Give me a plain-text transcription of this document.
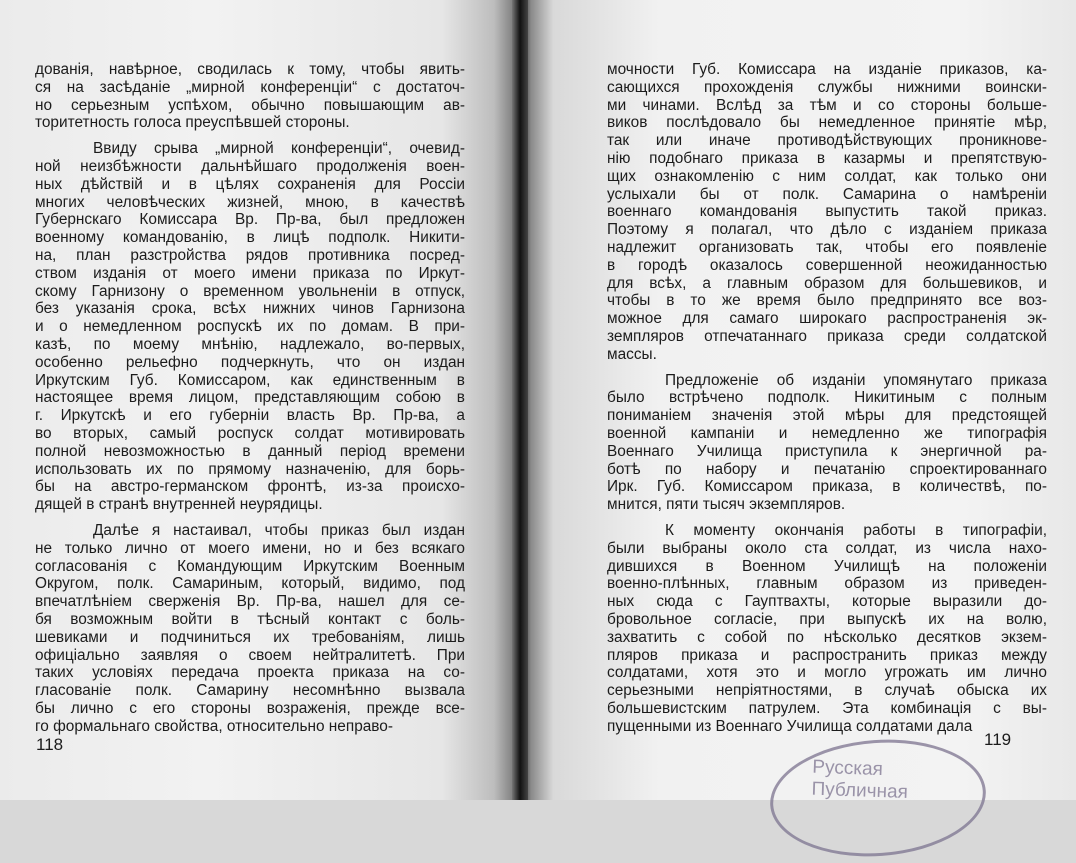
дованія, навѣрное, сводилась к тому, чтобы явить-
ся на засѣданіе „мирной конференціи“ с достаточ-
но серьезным успѣхом, обычно повышающим ав-
торитетность голоса преуспѣвшей стороны.
Ввиду срыва „мирной конференціи“, очевид-
ной неизбѣжности дальнѣйшаго продолженія воен-
ных дѣйствій и в цѣлях сохраненія для Россіи
многих человѣческих жизней, мною, в качествѣ
Губернскаго Комиссара Вр. Пр-ва, был предложен
военному командованію, в лицѣ подполк. Никити-
на, план разстройства рядов противника посред-
ством изданія от моего имени приказа по Иркут-
скому Гарнизону о временном увольненіи в отпуск,
без указанія срока, всѣх нижних чинов Гарнизона
и о немедленном роспускѣ их по домам. В при-
казѣ, по моему мнѣнію, надлежало, во-первых,
особенно рельефно подчеркнуть, что он издан
Иркутским Губ. Комиссаром, как единственным в
настоящее время лицом, представляющим собою в
г. Иркутскѣ и его губерніи власть Вр. Пр-ва, а
во вторых, самый роспуск солдат мотивировать
полной невозможностью в данный період времени
использовать их по прямому назначенію, для борь-
бы на австро-германском фронтѣ, из-за происхо-
дящей в странѣ внутренней неурядицы.
Далѣе я настаивал, чтобы приказ был издан
не только лично от моего имени, но и без всякаго
согласованія с Командующим Иркутским Военным
Округом, полк. Самариным, который, видимо, под
впечатлѣніем сверженія Вр. Пр-ва, нашел для се-
бя возможным войти в тѣсный контакт с боль-
шевиками и подчиниться их требованіям, лишь
офиціально заявляя о своем нейтралитетѣ. При
таких условіях передача проекта приказа на со-
гласованіе полк. Самарину несомнѣнно вызвала
бы лично с его стороны возраженія, прежде все-
го формальнаго свойства, относительно неправо-
118
мочности Губ. Комиссара на изданіе приказов, ка-
сающихся прохожденія службы нижними воински-
ми чинами. Вслѣд за тѣм и со стороны больше-
виков послѣдовало бы немедленное принятіе мѣр,
так или иначе противодѣйствующих проникнове-
нію подобнаго приказа в казармы и препятствую-
щих ознакомленію с ним солдат, как только они
услыхали бы от полк. Самарина о намѣреніи
военнаго командованія выпустить такой приказ.
Поэтому я полагал, что дѣло с изданіем приказа
надлежит организовать так, чтобы его появленіе
в городѣ оказалось совершенной неожиданностью
для всѣх, а главным образом для большевиков, и
чтобы в то же время было предпринято все воз-
можное для самаго широкаго распространенія эк-
земпляров отпечатаннаго приказа среди солдатской
массы.
Предложеніе об изданіи упомянутаго приказа
было встрѣчено подполк. Никитиным с полным
пониманіем значенія этой мѣры для предстоящей
военной кампаніи и немедленно же типографія
Военнаго Училища приступила к энергичной ра-
ботѣ по набору и печатанію спроектированнаго
Ирк. Губ. Комиссаром приказа, в количествѣ, по-
мнится, пяти тысяч экземпляров.
К моменту окончанія работы в типографіи,
были выбраны около ста солдат, из числа нахо-
дившихся в Военном Училищѣ на положеніи
военно-плѣнных, главным образом из приведен-
ных сюда с Гауптвахты, которые выразили до-
бровольное согласіе, при выпускѣ их на волю,
захватить с собой по нѣсколько десятков экзем-
пляров приказа и распространить приказ между
солдатами, хотя это и могло угрожать им лично
серьезными непріятностями, в случаѣ обыска их
большевистским патрулем. Эта комбинація с вы-
пущенными из Военнаго Училища солдатами дала
119
Русская Публичная
